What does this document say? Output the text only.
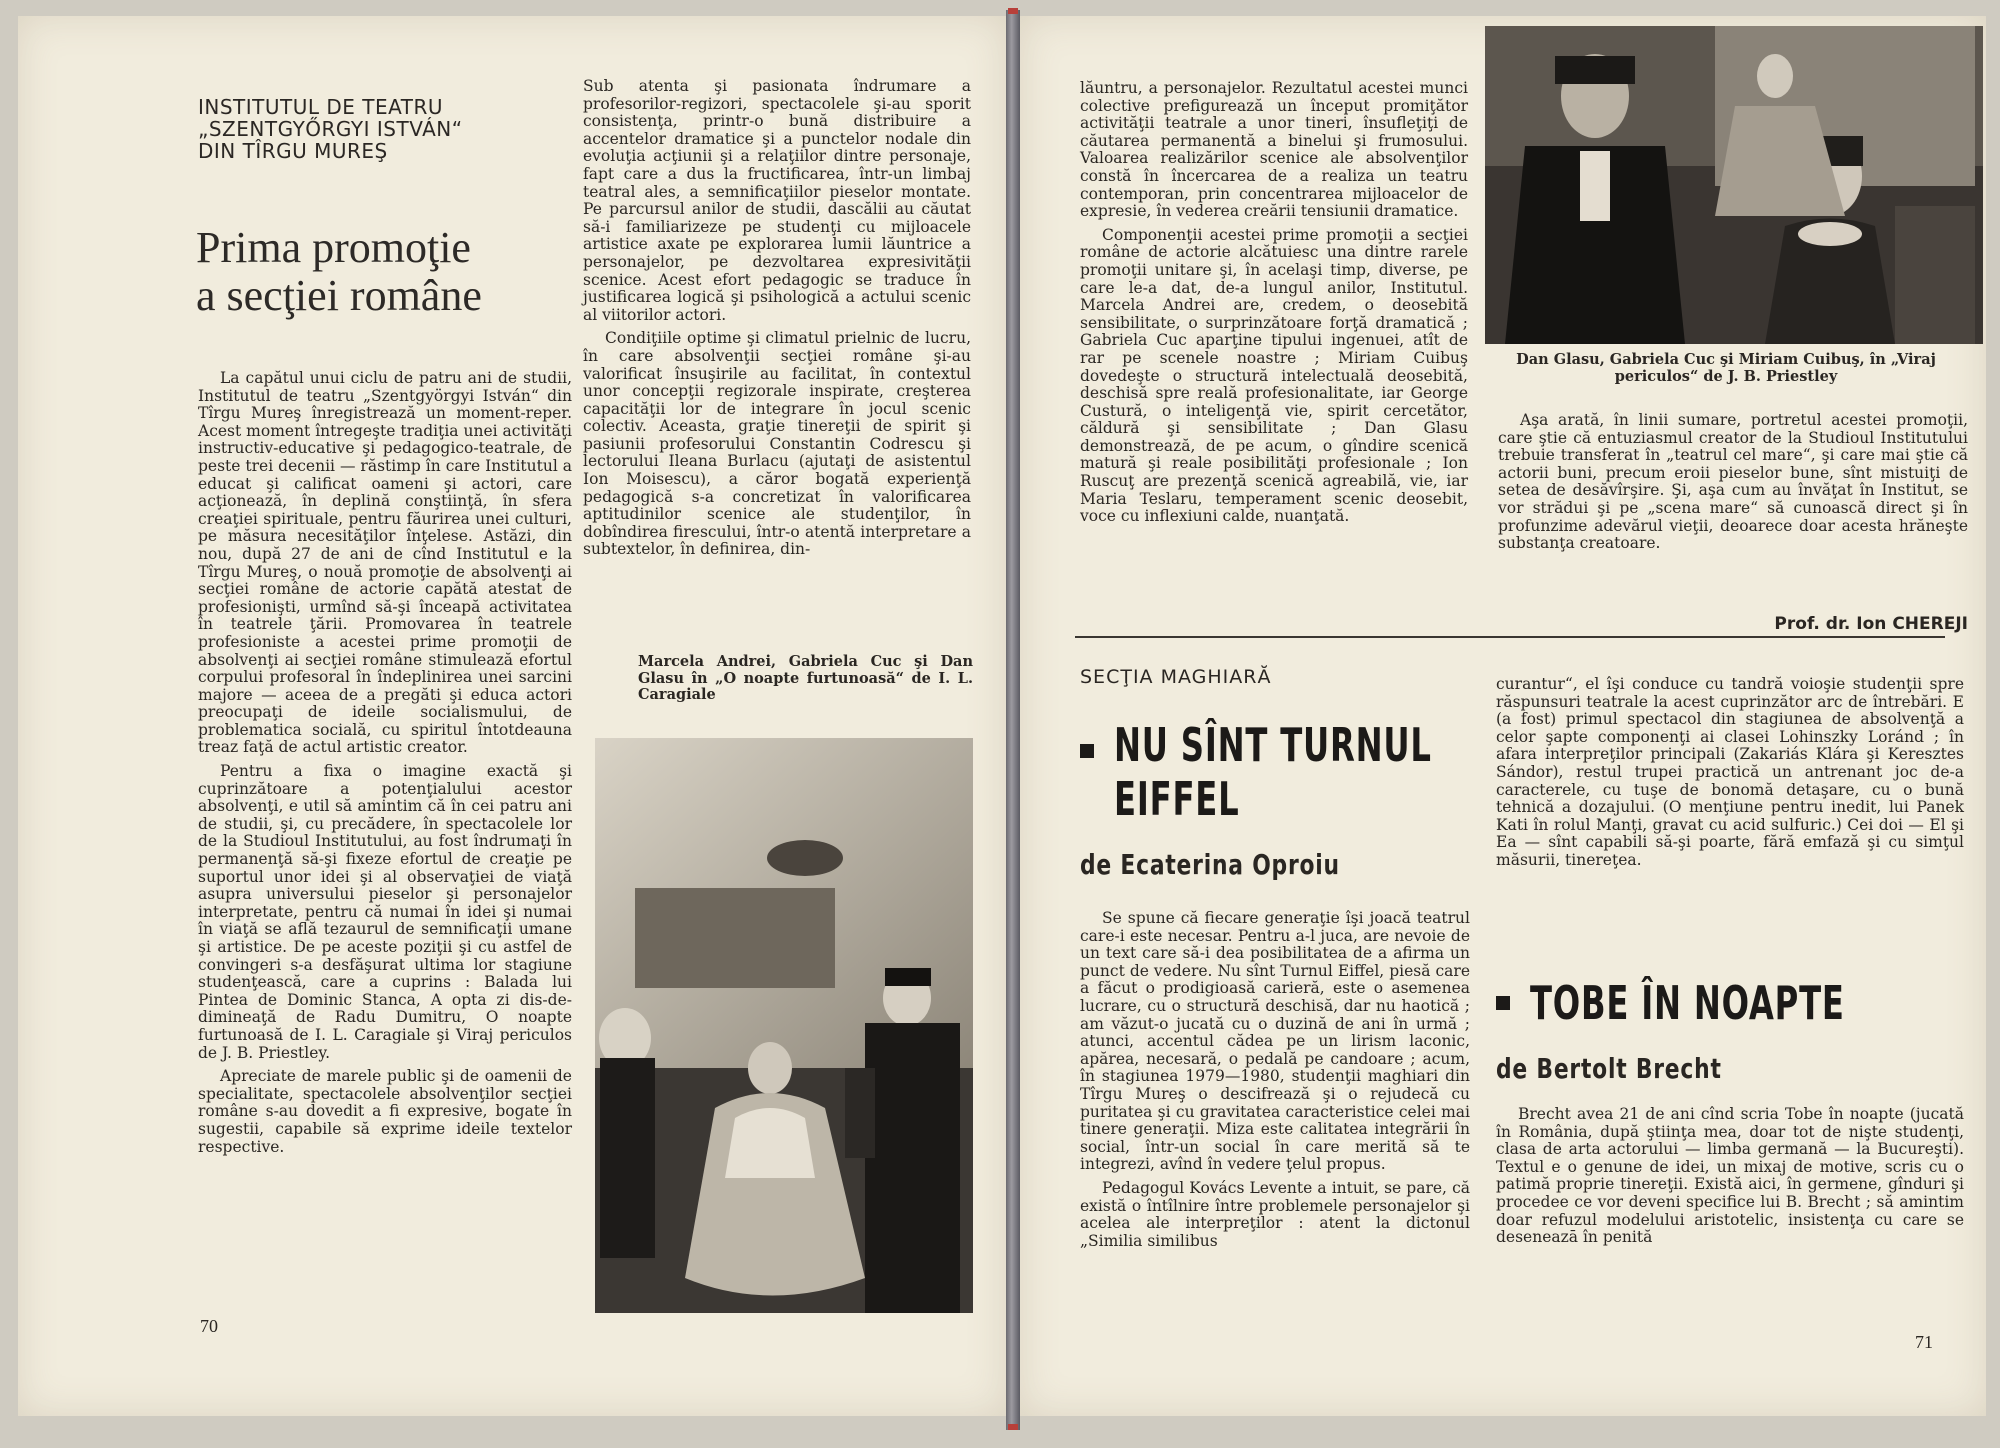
INSTITUTUL DE TEATRU
„SZENTGYŐRGYI ISTVÁN“
DIN TÎRGU MUREŞ
Prima promoţie
a secţiei române

La capătul unui ciclu de patru ani de studii, Institutul de teatru „Szentgyörgyi István“ din Tîrgu Mureş înregistrează un moment-reper. Acest moment întregeşte tradiţia unei activităţi instructiv-educative şi pedagogico-teatrale, de peste trei decenii — răstimp în care Institutul a educat şi calificat oameni şi actori, care acţionează, în deplină conştiinţă, în sfera creaţiei spirituale, pentru făurirea unei culturi, pe măsura necesităţilor înţelese. Astăzi, din nou, după 27 de ani de cînd Institutul e la Tîrgu Mureş, o nouă promoţie de absolvenţi ai secţiei române de actorie capătă atestat de profesionişti, urmînd să-şi înceapă activitatea în teatrele ţării. Promovarea în teatrele profesioniste a acestei prime promoţii de absolvenţi ai secţiei române stimulează efortul corpului profesoral în îndeplinirea unei sarcini majore — aceea de a pregăti şi educa actori preocupaţi de ideile socialismului, de problematica socială, cu spiritul întotdeauna treaz faţă de actul artistic creator.

Pentru a fixa o imagine exactă şi cuprinzătoare a potenţialului acestor absolvenţi, e util să amintim că în cei patru ani de studii, şi, cu precădere, în spectacolele lor de la Studioul Institutului, au fost îndrumaţi în permanenţă să-şi fixeze efortul de creaţie pe suportul unor idei şi al observaţiei de viaţă asupra universului pieselor şi personajelor interpretate, pentru că numai în idei şi numai în viaţă se află tezaurul de semnificaţii umane şi artistice. De pe aceste poziţii şi cu astfel de convingeri s-a desfăşurat ultima lor stagiune studenţească, care a cuprins : Balada lui Pintea de Dominic Stanca, A opta zi dis-de-dimineaţă de Radu Dumitru, O noapte furtunoasă de I. L. Caragiale şi Viraj periculos de J. B. Priestley.

Apreciate de marele public şi de oamenii de specialitate, spectacolele absolvenţilor secţiei române s-au dovedit a fi expresive, bogate în sugestii, capabile să exprime ideile textelor respective.

Sub atenta şi pasionata îndrumare a profesorilor-regizori, spectacolele şi-au sporit consistenţa, printr-o bună distribuire a accentelor dramatice şi a punctelor nodale din evoluţia acţiunii şi a relaţiilor dintre personaje, fapt care a dus la fructificarea, într-un limbaj teatral ales, a semnificaţiilor pieselor montate. Pe parcursul anilor de studii, dascălii au căutat să-i familiarizeze pe studenţi cu mijloacele artistice axate pe explorarea lumii lăuntrice a personajelor, pe dezvoltarea expresivităţii scenice. Acest efort pedagogic se traduce în justificarea logică şi psihologică a actului scenic al viitorilor actori.

Condiţiile optime şi climatul prielnic de lucru, în care absolvenţii secţiei române şi-au valorificat însuşirile au facilitat, în contextul unor concepţii regizorale inspirate, creşterea capacităţii lor de integrare în jocul scenic colectiv. Aceasta, graţie tinereţii de spirit şi pasiunii profesorului Constantin Codrescu şi lectorului Ileana Burlacu (ajutaţi de asistentul Ion Moisescu), a căror bogată experienţă pedagogică s-a concretizat în valorificarea aptitudinilor scenice ale studenţilor, în dobîndirea firescului, într-o atentă interpretare a subtextelor, în definirea, din-

Marcela Andrei, Gabriela Cuc şi Dan Glasu în „O noapte furtunoasă“ de I. L. Caragiale
70

lăuntru, a personajelor. Rezultatul acestei munci colective prefigurează un început promiţător activităţii teatrale a unor tineri, însufleţiţi de căutarea permanentă a binelui şi frumosului. Valoarea realizărilor scenice ale absolvenţilor constă în încercarea de a realiza un teatru contemporan, prin concentrarea mijloacelor de expresie, în vederea creării tensiunii dramatice.

Componenţii acestei prime promoţii a secţiei române de actorie alcătuiesc una dintre rarele promoţii unitare şi, în acelaşi timp, diverse, pe care le-a dat, de-a lungul anilor, Institutul. Marcela Andrei are, credem, o deosebită sensibilitate, o surprinzătoare forţă dramatică ; Gabriela Cuc aparţine tipului ingenuei, atît de rar pe scenele noastre ; Miriam Cuibuş dovedeşte o structură intelectuală deosebită, deschisă spre reală profesionalitate, iar George Custură, o inteligenţă vie, spirit cercetător, căldură şi sensibilitate ; Dan Glasu demonstrează, de pe acum, o gîndire scenică matură şi reale posibilităţi profesionale ; Ion Ruscuţ are prezenţă scenică agreabilă, vie, iar Maria Teslaru, temperament scenic deosebit, voce cu inflexiuni calde, nuanţată.

Dan Glasu, Gabriela Cuc şi Miriam Cuibuş, în „Viraj periculos“ de J. B. Priestley

Aşa arată, în linii sumare, portretul acestei promoţii, care ştie că entuziasmul creator de la Studioul Institutului trebuie transferat în „teatrul cel mare“, şi care mai ştie că actorii buni, precum eroii pieselor bune, sînt mistuiţi de setea de desăvîrşire. Şi, aşa cum au învăţat în Institut, se vor strădui şi pe „scena mare“ să cunoască direct şi în profunzime adevărul vieţii, deoarece doar acesta hrăneşte substanţa creatoare.

Prof. dr. Ion CHEREJI
SECŢIA MAGHIARĂ
NU SÎNT TURNUL
EIFFEL
de Ecaterina Oproiu

Se spune că fiecare generaţie îşi joacă teatrul care-i este necesar. Pentru a-l juca, are nevoie de un text care să-i dea posibilitatea de a afirma un punct de vedere. Nu sînt Turnul Eiffel, piesă care a făcut o prodigioasă carieră, este o asemenea lucrare, cu o structură deschisă, dar nu haotică ; am văzut-o jucată cu o duzină de ani în urmă ; atunci, accentul cădea pe un lirism laconic, apărea, necesară, o pedală pe candoare ; acum, în stagiunea 1979—1980, studenţii maghiari din Tîrgu Mureş o descifrează şi o rejudecă cu puritatea şi cu gravitatea caracteristice celei mai tinere generaţii. Miza este calitatea integrării în social, într-un social în care merită să te integrezi, avînd în vedere ţelul propus.

Pedagogul Kovács Levente a intuit, se pare, că există o întîlnire între problemele personajelor şi acelea ale interpreţilor : atent la dictonul „Similia similibus

curantur“, el îşi conduce cu tandră voioşie studenţii spre răspunsuri teatrale la acest cuprinzător arc de întrebări. E (a fost) primul spectacol din stagiunea de absolvenţă a celor şapte componenţi ai clasei Lohinszky Loránd ; în afara interpreţilor principali (Zakariás Klára şi Keresztes Sándor), restul trupei practică un antrenant joc de-a caracterele, cu tuşe de bonomă detaşare, cu o bună tehnică a dozajului. (O menţiune pentru inedit, lui Panek Kati în rolul Manţi, gravat cu acid sulfuric.) Cei doi — El şi Ea — sînt capabili să-şi poarte, fără emfază şi cu simţul măsurii, tinereţea.

TOBE ÎN NOAPTE
de Bertolt Brecht

Brecht avea 21 de ani cînd scria Tobe în noapte (jucată în România, după ştiinţa mea, doar tot de nişte studenţi, clasa de arta actorului — limba germană — la Bucureşti). Textul e o genune de idei, un mixaj de motive, scris cu o patimă proprie tinereţii. Există aici, în germene, gînduri şi procedee ce vor deveni specifice lui B. Brecht ; să amintim doar refuzul modelului aristotelic, insistenţa cu care se deseneazā în penită

71
